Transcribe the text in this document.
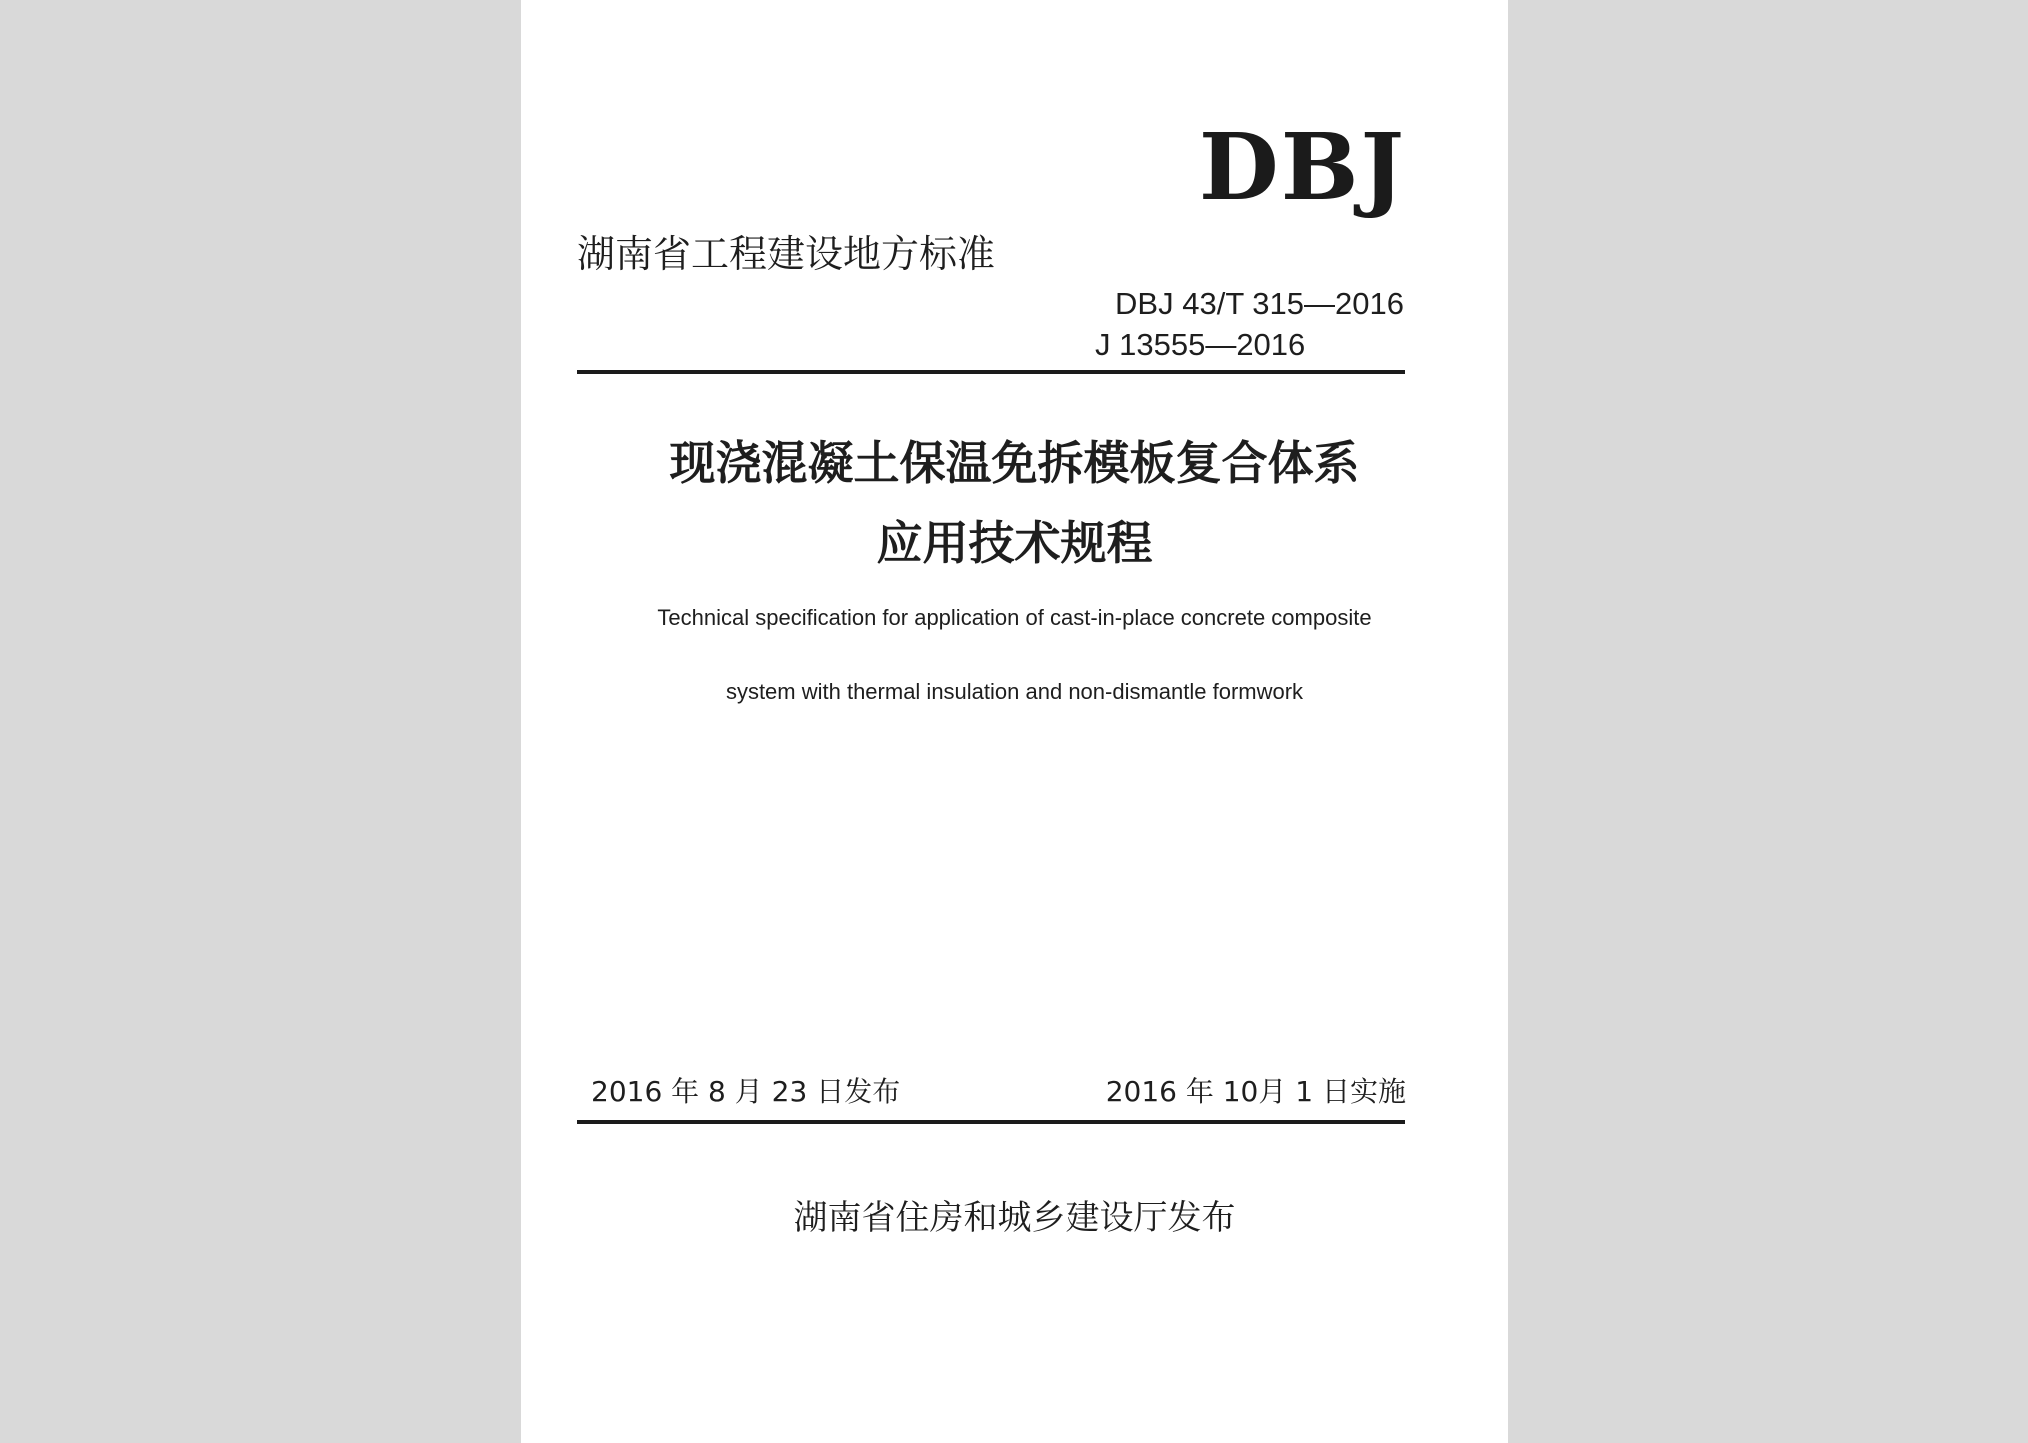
DBJ
湖南省工程建设地方标准
DBJ 43/T 315—2016
J 13555—2016
现浇混凝土保温免拆模板复合体系
应用技术规程
Technical specification for application of cast-in-place concrete composite
system with thermal insulation and non-dismantle formwork
2016 年 8 月 23 日发布	2016 年 10月 1 日实施
湖南省住房和城乡建设厅发布
